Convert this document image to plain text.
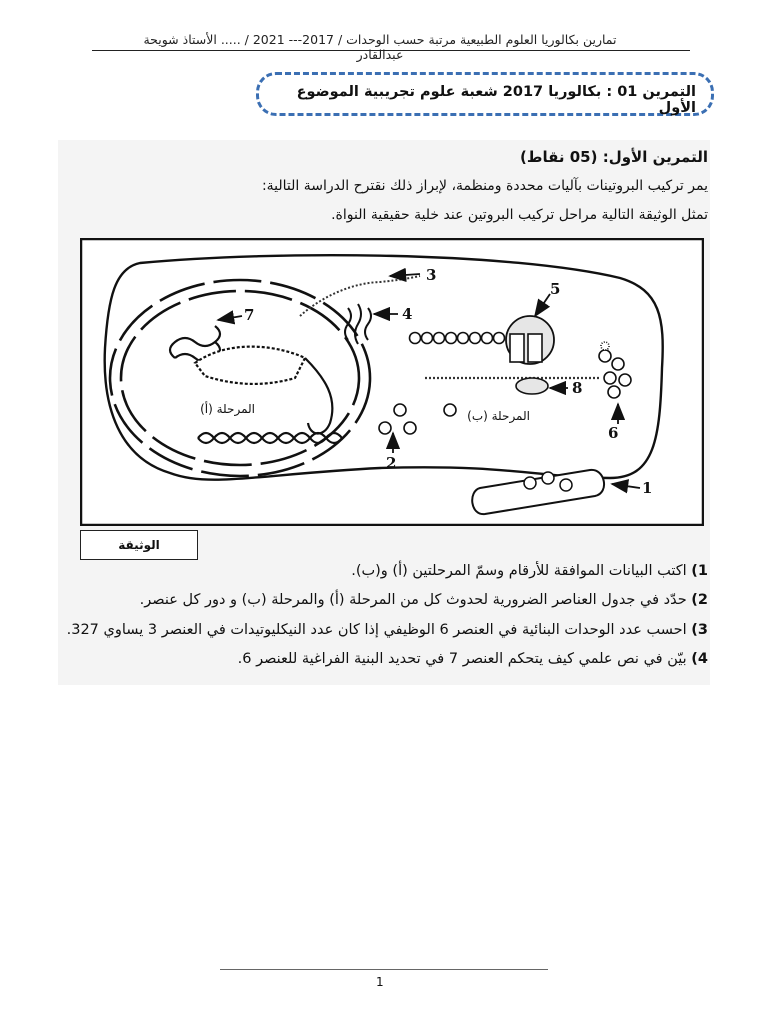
تمارين بكالوريا العلوم الطبيعية مرتبة حسب الوحدات / 2017--- 2021 / ..... الأستاذ شويحة عبدالقادر
التمرين 01 : بكالوريا 2017 شعبة علوم تجريبية الموضوع الأول
التمرين الأول: (05 نقاط)
يمر تركيب البروتينات بآليات محددة ومنظمة، لإبراز ذلك نقترح الدراسة التالية:
تمثل الوثيقة التالية مراحل تركيب البروتين عند خلية حقيقية النواة.
1
2
3
4
5
6
7
8
المرحلة (أ)	المرحلة (ب)
الوثيقة
1) اكتب البيانات الموافقة للأرقام وسمّ المرحلتين (أ) و(ب).
2) حدّد في جدول العناصر الضرورية لحدوث كل من المرحلة (أ) والمرحلة (ب) و دور كل عنصر.
3) احسب عدد الوحدات البنائية في العنصر 6 الوظيفي إذا كان عدد النيكليوتيدات في العنصر 3 يساوي 327.
4) بيّن في نص علمي كيف يتحكم العنصر 7 في تحديد البنية الفراغية للعنصر 6.
1
